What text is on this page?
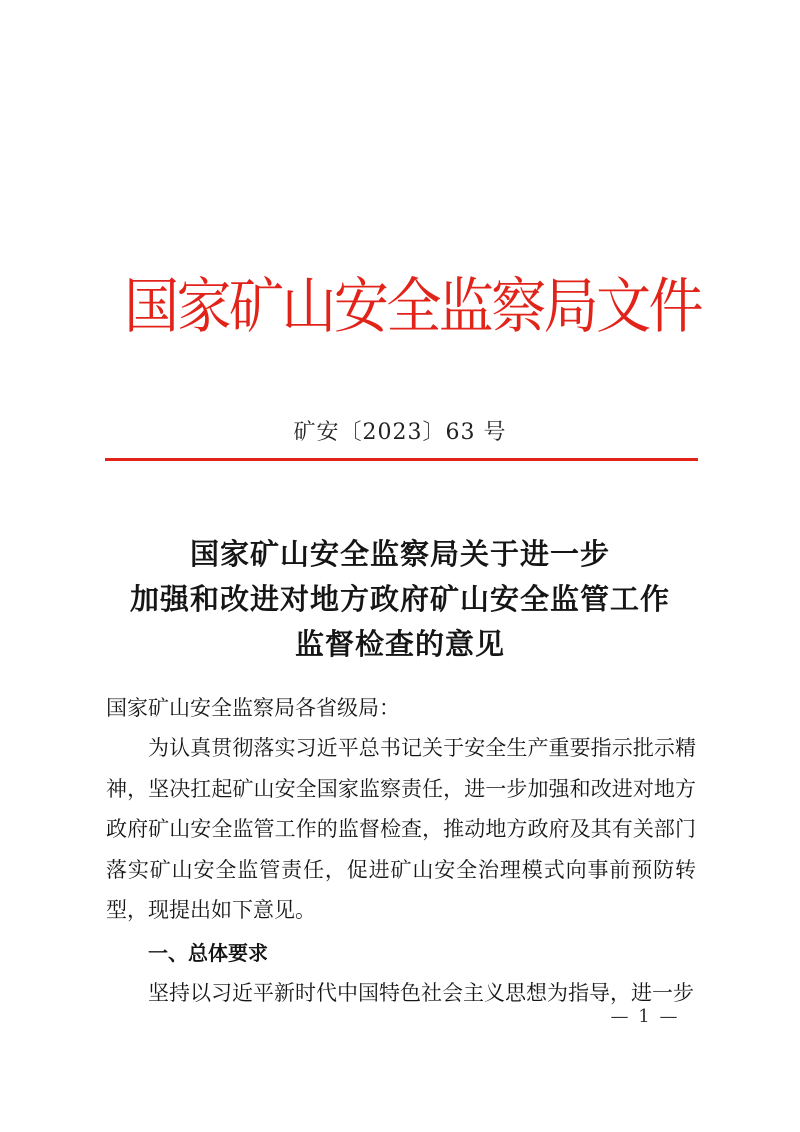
国家矿山安全监察局文件
矿安〔2023〕63 号
国家矿山安全监察局关于进一步
加强和改进对地方政府矿山安全监管工作
监督检查的意见
国家矿山安全监察局各省级局：

为认真贯彻落实习近平总书记关于安全生产重要指示批示精神，坚决扛起矿山安全国家监察责任，进一步加强和改进对地方政府矿山安全监管工作的监督检查，推动地方政府及其有关部门落实矿山安全监管责任，促进矿山安全治理模式向事前预防转型，现提出如下意见。

一、总体要求

坚持以习近平新时代中国特色社会主义思想为指导，进一步

— 1 —
